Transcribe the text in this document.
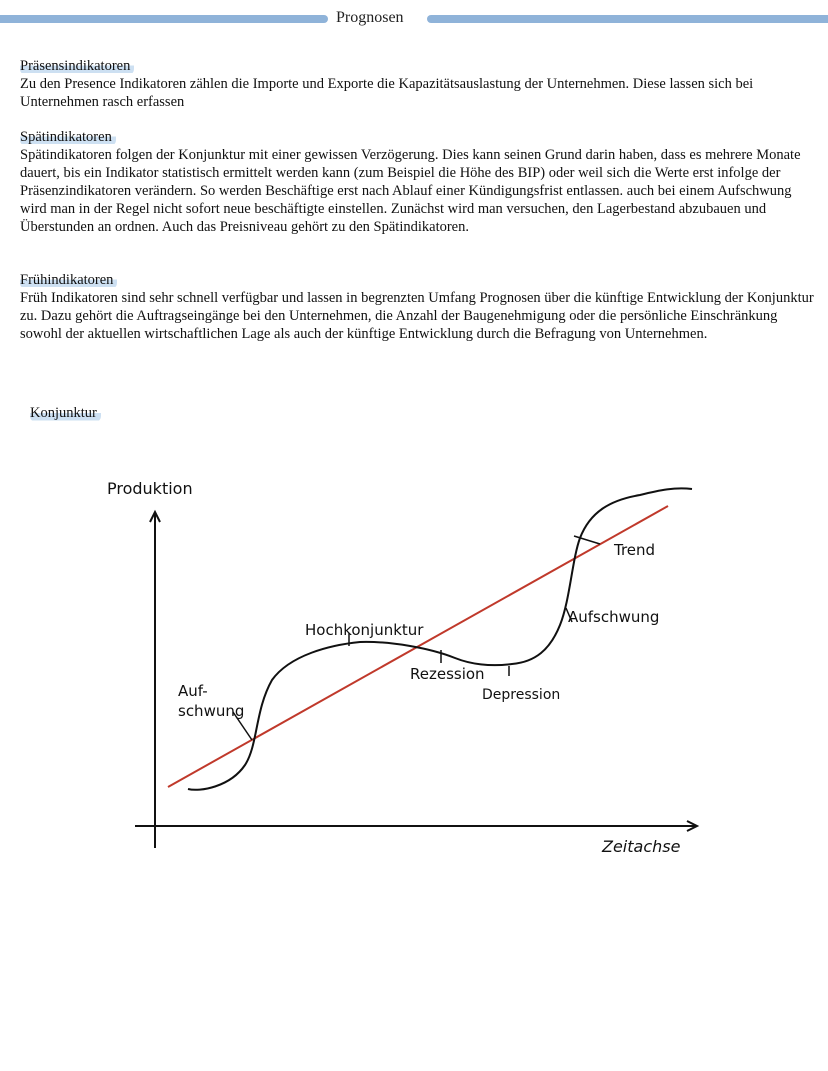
Prognosen
Präsensindikatoren

Zu den Presence Indikatoren zählen die Importe und Exporte die Kapazitätsauslastung der Unternehmen. Diese lassen sich bei Unternehmen rasch erfassen

Spätindikatoren

Spätindikatoren folgen der Konjunktur mit einer gewissen Verzögerung. Dies kann seinen Grund darin haben, dass es mehrere Monate dauert, bis ein Indikator statistisch ermittelt werden kann (zum Beispiel die Höhe des BIP) oder weil sich die Werte erst infolge der Präsenzindikatoren verändern. So werden Beschäftige erst nach Ablauf einer Kündigungsfrist entlassen. auch bei einem Aufschwung wird man in der Regel nicht sofort neue beschäftigte einstellen. Zunächst wird man versuchen, den Lagerbestand abzubauen und Überstunden an ordnen. Auch das Preisniveau gehört zu den Spätindikatoren.

Frühindikatoren

Früh Indikatoren sind sehr schnell verfügbar und lassen in begrenzten Umfang Prognosen über die künftige Entwicklung der Konjunktur zu. Dazu gehört die Auftragseingänge bei den Unternehmen, die Anzahl der Baugenehmigung oder die persönliche Einschränkung sowohl der aktuellen wirtschaftlichen Lage als auch der künftige Entwicklung durch die Befragung von Unternehmen.

Konjunktur
Produktion
Zeitachse
Trend
Aufschwung
Hochkonjunktur
Rezession
Depression
Auf-
schwung
